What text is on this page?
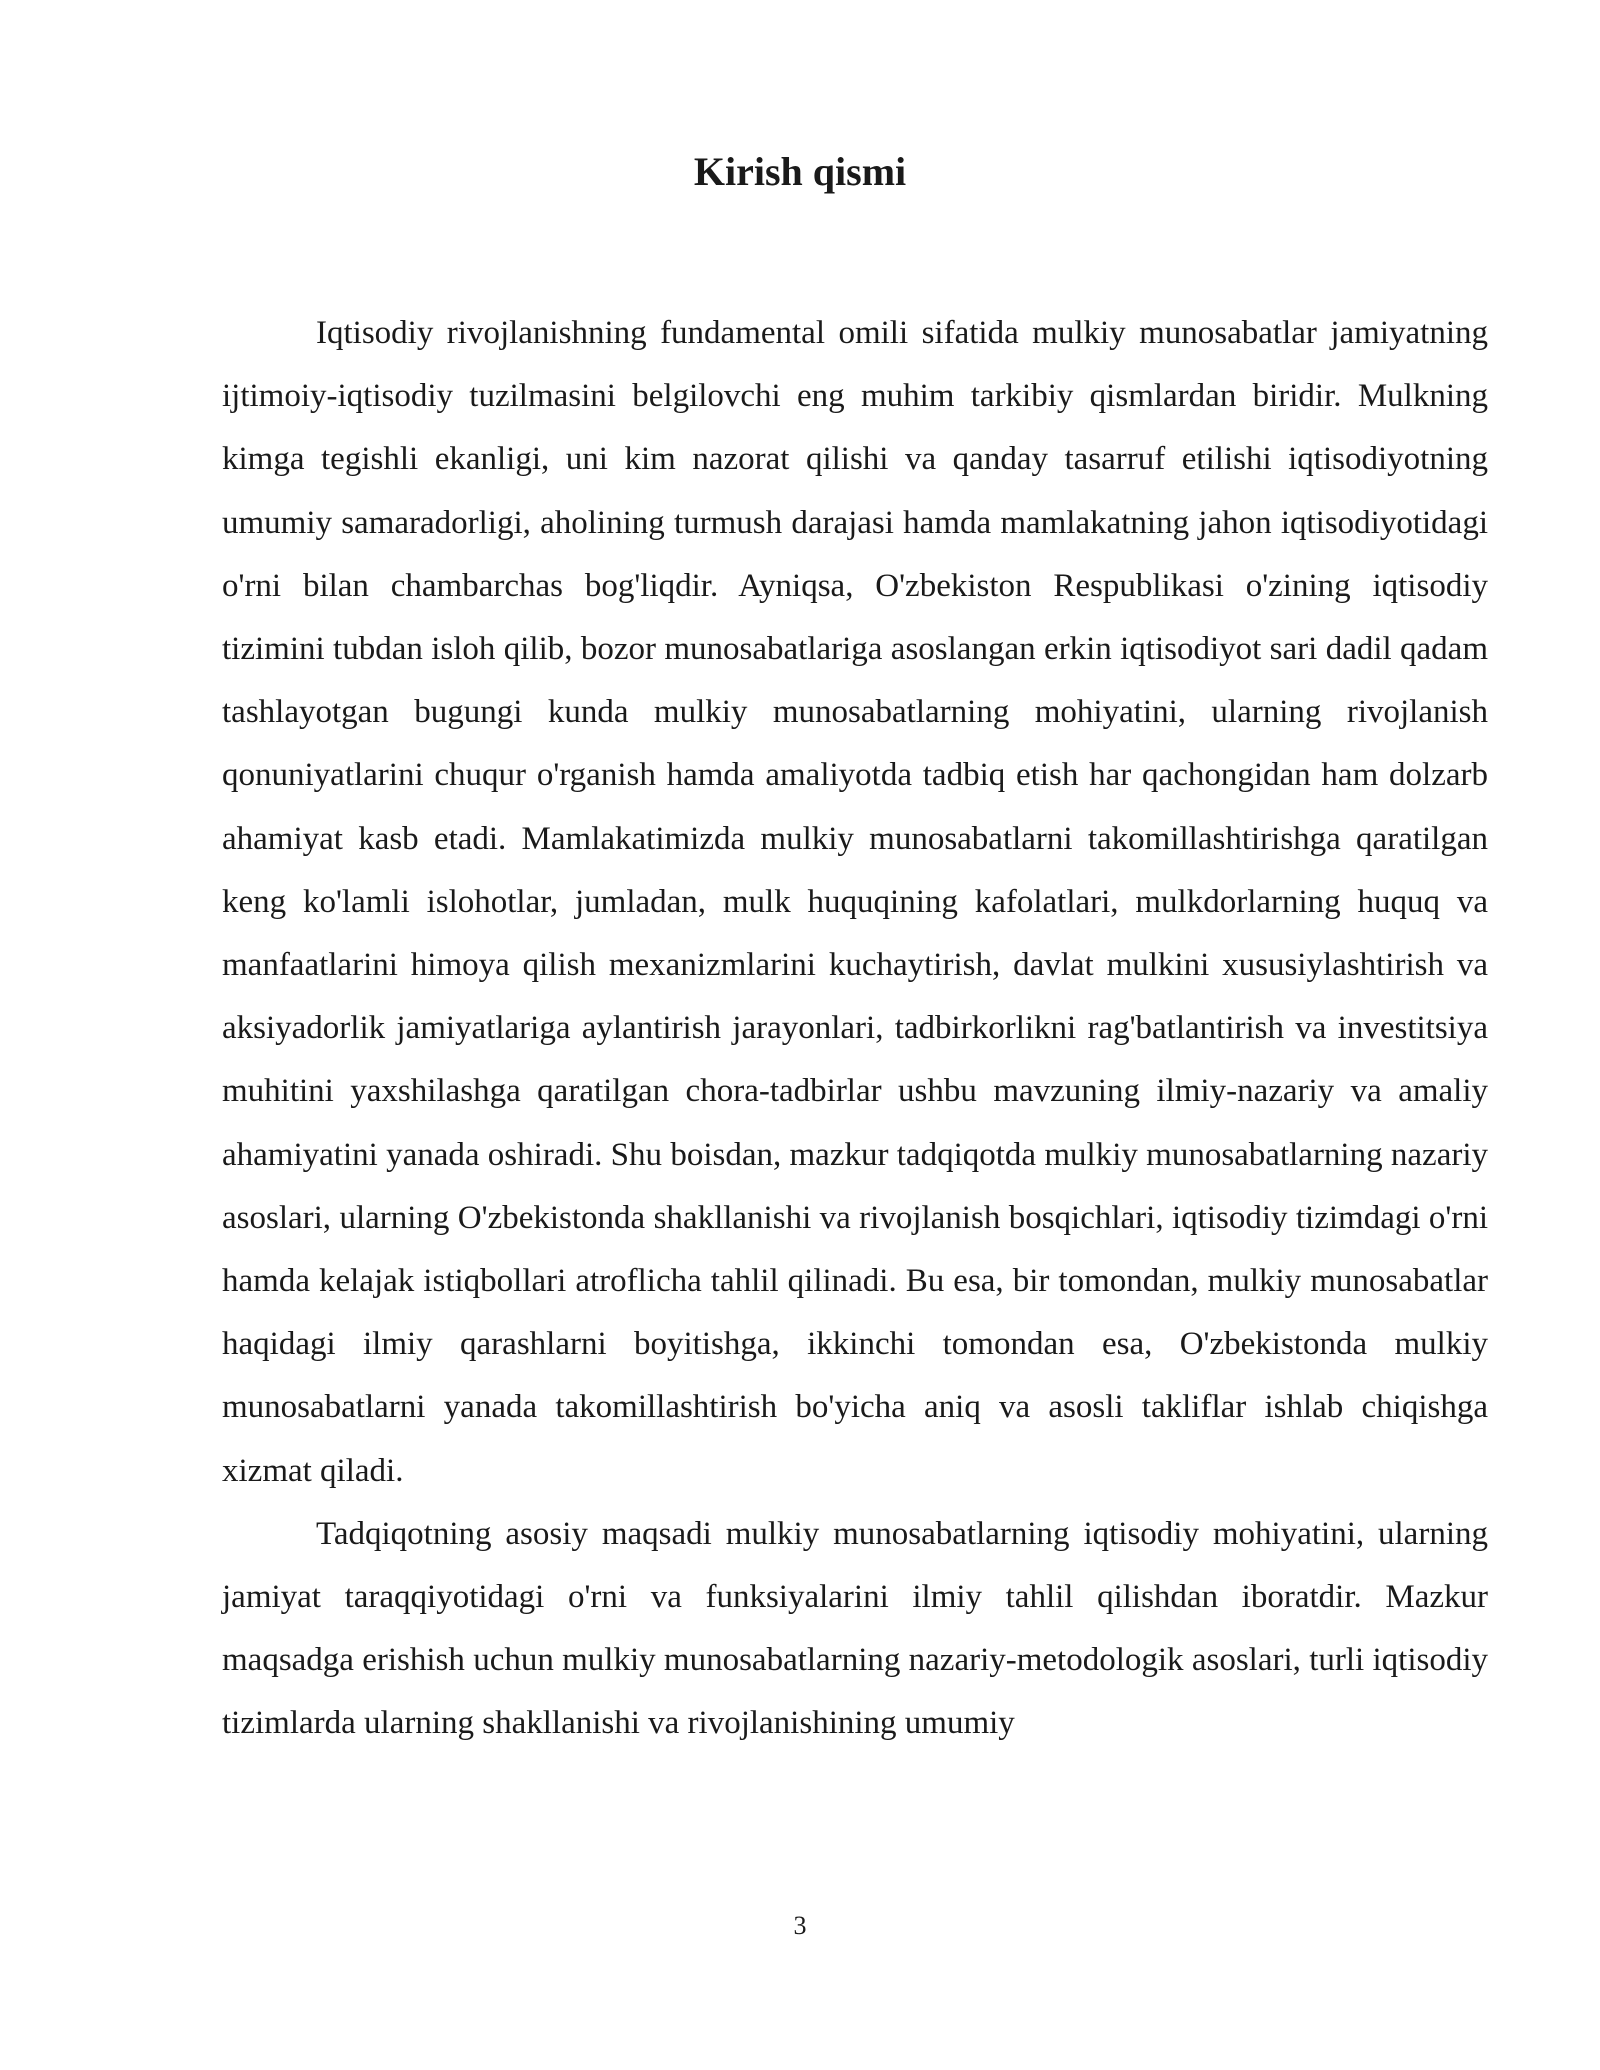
Kirish qismi

Iqtisodiy rivojlanishning fundamental omili sifatida mulkiy munosabatlar jamiyatning ijtimoiy-iqtisodiy tuzilmasini belgilovchi eng muhim tarkibiy qismlardan biridir. Mulkning kimga tegishli ekanligi, uni kim nazorat qilishi va qanday tasarruf etilishi iqtisodiyotning umumiy samaradorligi, aholining turmush darajasi hamda mamlakatning jahon iqtisodiyotidagi o'rni bilan chambarchas bog'liqdir. Ayniqsa, O'zbekiston Respublikasi o'zining iqtisodiy tizimini tubdan isloh qilib, bozor munosabatlariga asoslangan erkin iqtisodiyot sari dadil qadam tashlayotgan bugungi kunda mulkiy munosabatlarning mohiyatini, ularning rivojlanish qonuniyatlarini chuqur o'rganish hamda amaliyotda tadbiq etish har qachongidan ham dolzarb ahamiyat kasb etadi. Mamlakatimizda mulkiy munosabatlarni takomillashtirishga qaratilgan keng ko'lamli islohotlar, jumladan, mulk huquqining kafolatlari, mulkdorlarning huquq va manfaatlarini himoya qilish mexanizmlarini kuchaytirish, davlat mulkini xususiylashtirish va aksiyadorlik jamiyatlariga aylantirish jarayonlari, tadbirkorlikni rag'batlantirish va investitsiya muhitini yaxshilashga qaratilgan chora-tadbirlar ushbu mavzuning ilmiy-nazariy va amaliy ahamiyatini yanada oshiradi. Shu boisdan, mazkur tadqiqotda mulkiy munosabatlarning nazariy asoslari, ularning O'zbekistonda shakllanishi va rivojlanish bosqichlari, iqtisodiy tizimdagi o'rni hamda kelajak istiqbollari atroflicha tahlil qilinadi. Bu esa, bir tomondan, mulkiy munosabatlar haqidagi ilmiy qarashlarni boyitishga, ikkinchi tomondan esa, O'zbekistonda mulkiy munosabatlarni yanada takomillashtirish bo'yicha aniq va asosli takliflar ishlab chiqishga xizmat qiladi.

Tadqiqotning asosiy maqsadi mulkiy munosabatlarning iqtisodiy mohiyatini, ularning jamiyat taraqqiyotidagi o'rni va funksiyalarini ilmiy tahlil qilishdan iboratdir. Mazkur maqsadga erishish uchun mulkiy munosabatlarning nazariy-metodologik asoslari, turli iqtisodiy tizimlarda ularning shakllanishi va rivojlanishining umumiy

3
